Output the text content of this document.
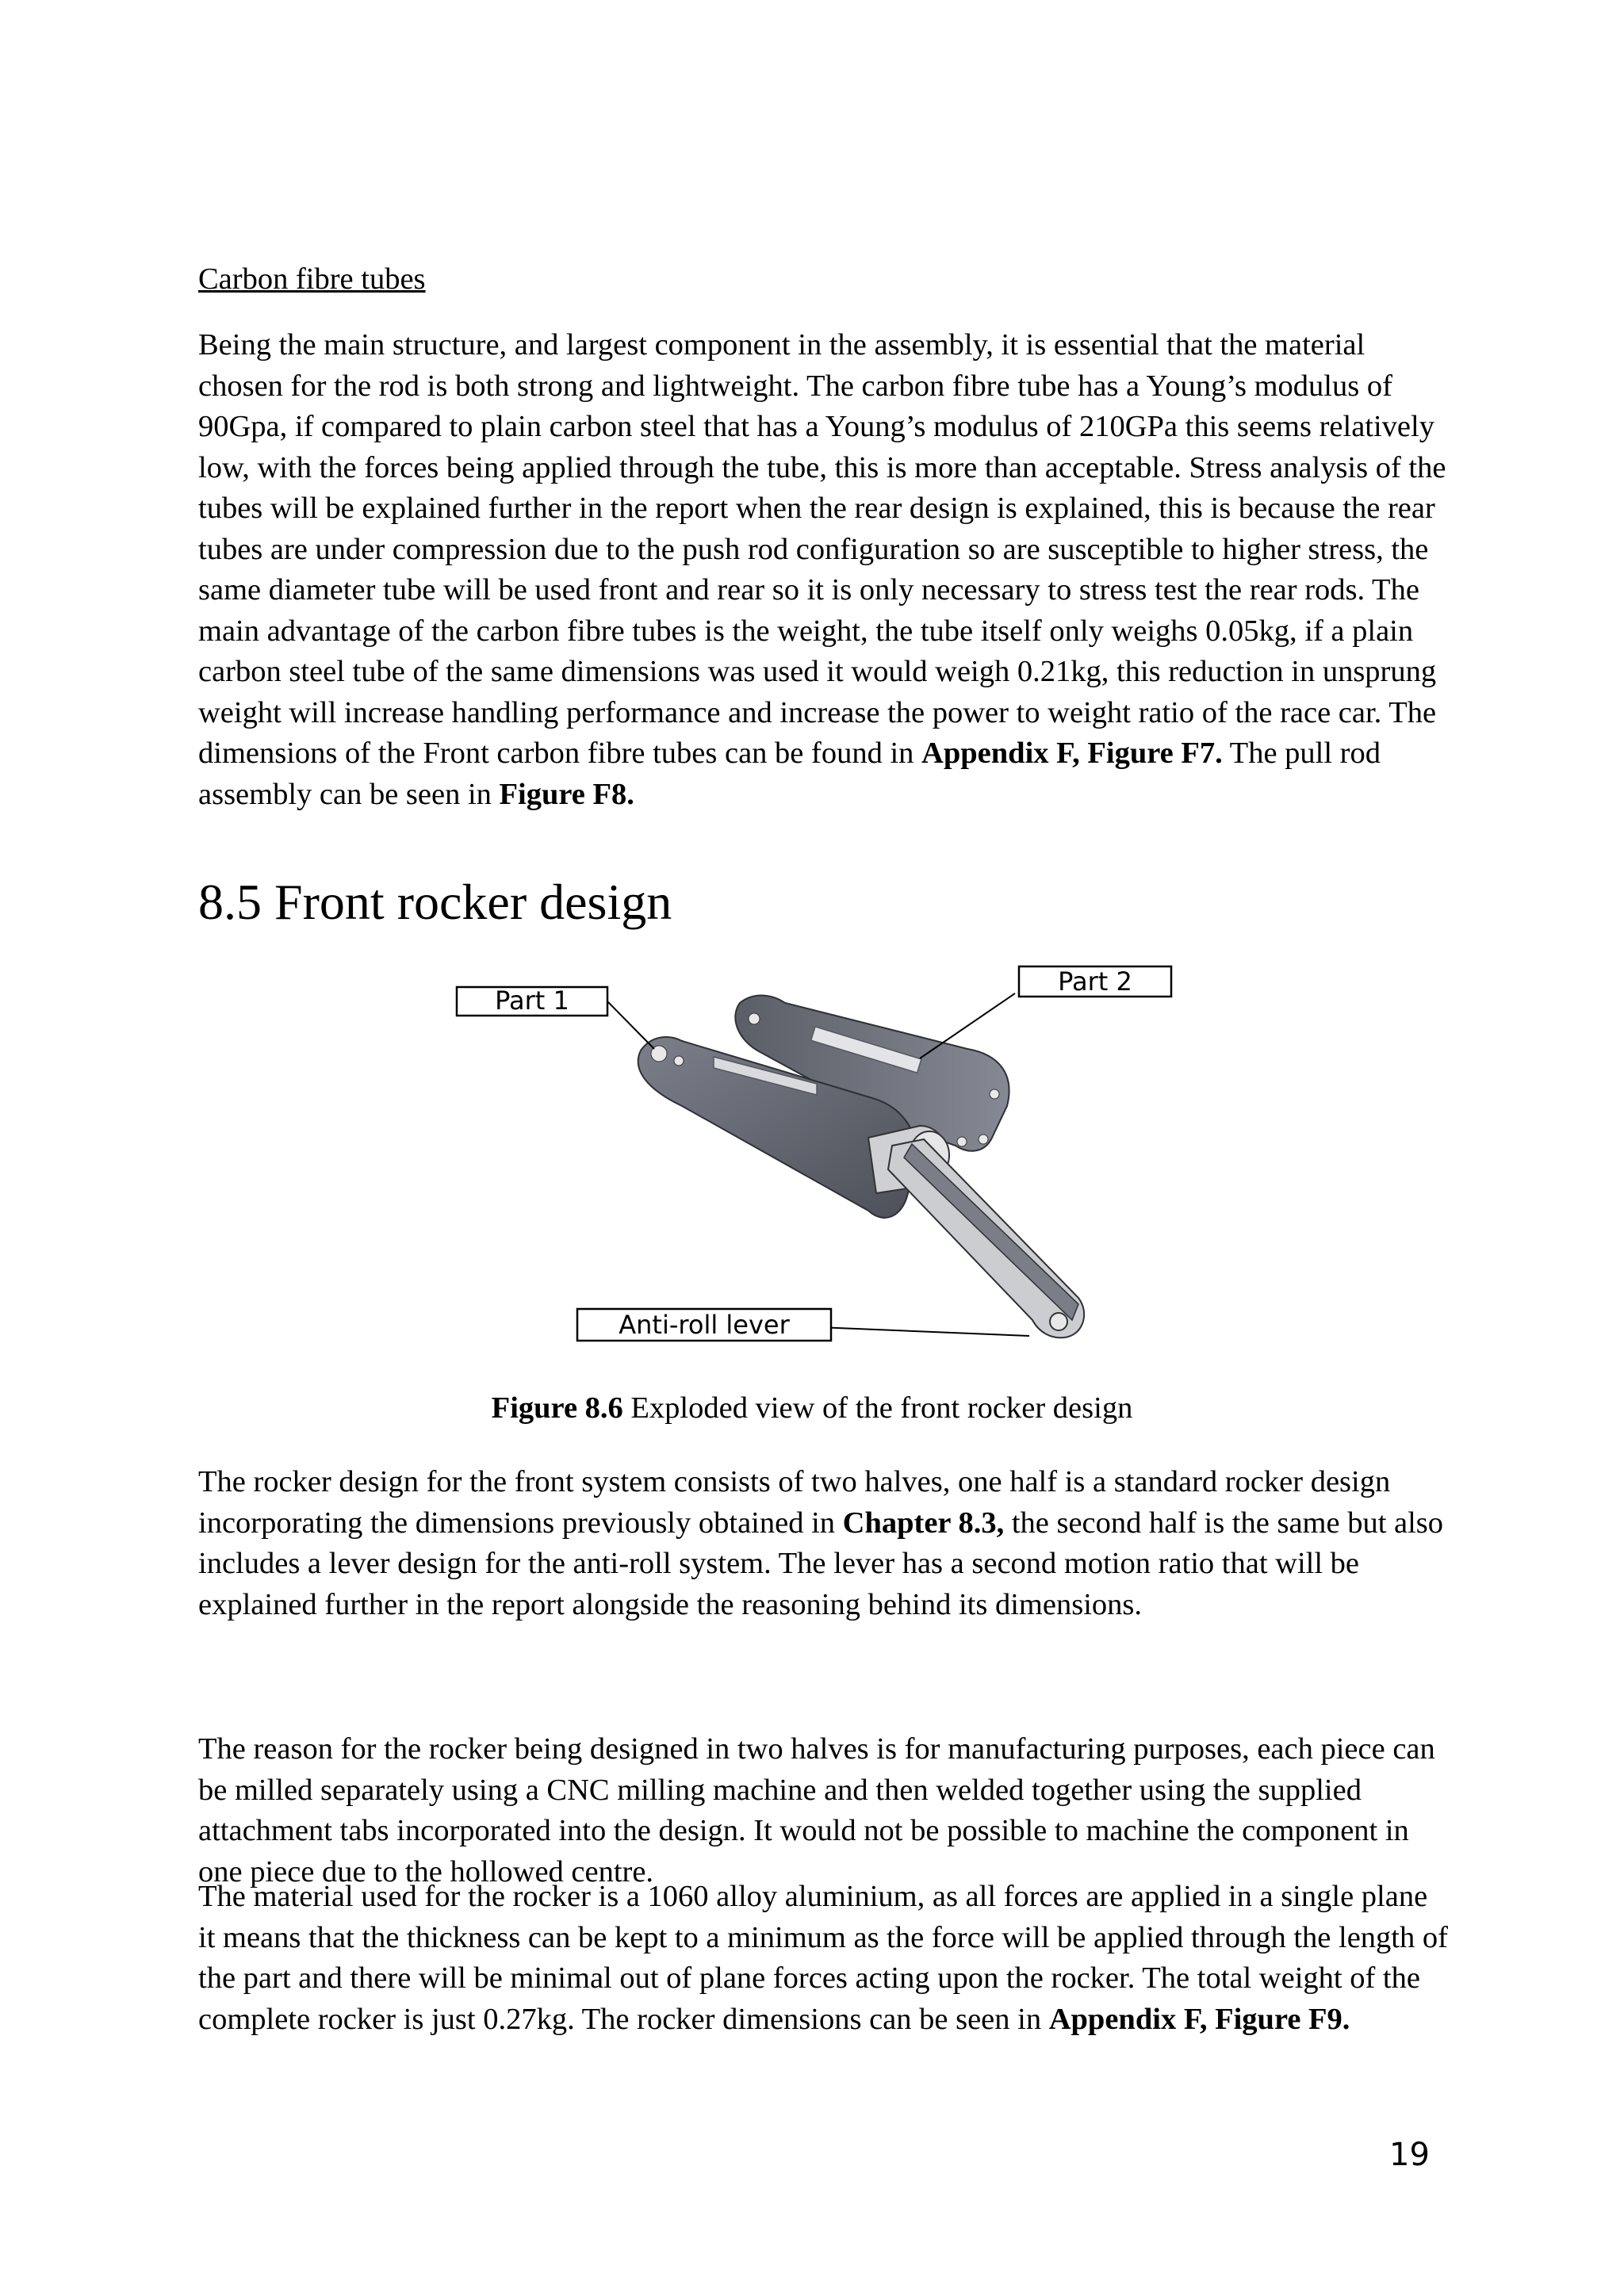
Carbon fibre tubes

Being the main structure, and largest component in the assembly, it is essential that the material chosen for the rod is both strong and lightweight. The carbon fibre tube has a Young’s modulus of 90Gpa, if compared to plain carbon steel that has a Young’s modulus of 210GPa this seems relatively low, with the forces being applied through the tube, this is more than acceptable. Stress analysis of the tubes will be explained further in the report when the rear design is explained, this is because the rear tubes are under compression due to the push rod configuration so are susceptible to higher stress, the same diameter tube will be used front and rear so it is only necessary to stress test the rear rods. The main advantage of the carbon fibre tubes is the weight, the tube itself only weighs 0.05kg, if a plain carbon steel tube of the same dimensions was used it would weigh 0.21kg, this reduction in unsprung weight will increase handling performance and increase the power to weight ratio of the race car. The dimensions of the Front carbon fibre tubes can be found in Appendix F, Figure F7. The pull rod assembly can be seen in Figure F8.

8.5 Front rocker design
Part 1
Part 2
Anti-roll lever
Figure 8.6 Exploded view of the front rocker design

The rocker design for the front system consists of two halves, one half is a standard rocker design incorporating the dimensions previously obtained in Chapter 8.3, the second half is the same but also includes a lever design for the anti-roll system. The lever has a second motion ratio that will be explained further in the report alongside the reasoning behind its dimensions.

The reason for the rocker being designed in two halves is for manufacturing purposes, each piece can be milled separately using a CNC milling machine and then welded together using the supplied attachment tabs incorporated into the design. It would not be possible to machine the component in one piece due to the hollowed centre.

The material used for the rocker is a 1060 alloy aluminium, as all forces are applied in a single plane it means that the thickness can be kept to a minimum as the force will be applied through the length of the part and there will be minimal out of plane forces acting upon the rocker. The total weight of the complete rocker is just 0.27kg. The rocker dimensions can be seen in Appendix F, Figure F9.

19
